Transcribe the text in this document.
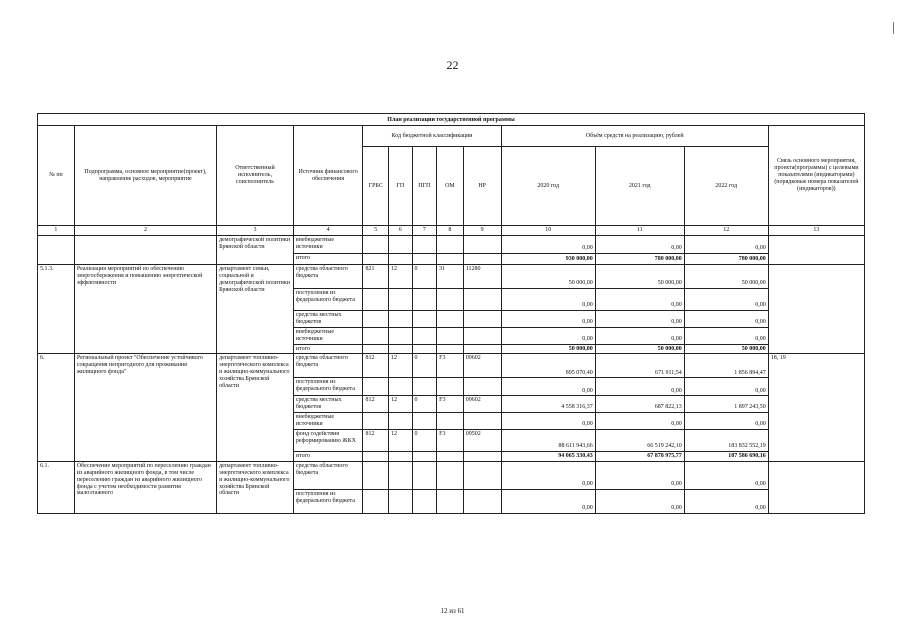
22
План реализации государственной программы
№ пп	Подпрограмма, основное мероприятие(проект), направление расходов, мероприятие	Ответственный исполнитель, соисполнитель	Источник финансового обеспечения	Код бюджетной классификации					Объём средств на реализацию, рублей			Связь основного мероприятия, проекта(программы) с целевыми показателями (индикаторами) (порядковые номера показателей (индикаторов))
				ГРБС	ГП	ПГП	ОМ	НР	2020 год	2021 год	2022 год	
1	2	3	4	5	6	7	8	9	10	11	12	13
		демографической политики Брянской области	внебюджетные источники						0,00	0,00	0,00	
			итого						930 000,00	780 000,00	780 000,00	
5.1.3.	Реализация мероприятий по обеспечению энергосбережения и повышению энергетической эффективности	департамент семьи, социальной и демографической политики Брянской области	средства областного бюджета	821	12	0	31	11280	50 000,00	50 000,00	50 000,00	
			поступления из федерального бюджета						0,00	0,00	0,00	
			средства местных бюджетов						0,00	0,00	0,00	
			внебюджетные источники						0,00	0,00	0,00	
			итого						50 000,00	50 000,00	50 000,00	
6.	Региональный проект "Обеспечение устойчивого сокращения непригодного для проживания жилищного фонда"	департамент топливно-энергетического комплекса и жилищно-коммунального хозяйства Брянской области	средства областного бюджета	812	12	0	F3	09602	895 070,40	671 911,54	1 856 894,47	18, 19
			поступления из федерального бюджета						0,00	0,00	0,00	
			средства местных бюджетов	812	12	0	F3	09602	4 558 316,37	687 822,13	1 897 243,50	
			внебюджетные источники						0,00	0,00	0,00	
			фонд содействия реформированию ЖКХ	812	12	0	F3	09502	88 611 943,66	66 519 242,10	183 832 552,19	
			итого						94 065 330,43	67 878 975,77	187 586 690,16	
6.1.	Обеспечение мероприятий по переселению граждан из аварийного жилищного фонда, в том числе переселению граждан из аварийного жилищного фонда с учетом необходимости развития малоэтажного	департамент топливно-энергетического комплекса и жилищно-коммунального хозяйства Брянской области	средства областного бюджета						0,00	0,00	0,00	
			поступления из федерального бюджета						0,00	0,00	0,00	
12 из 61
